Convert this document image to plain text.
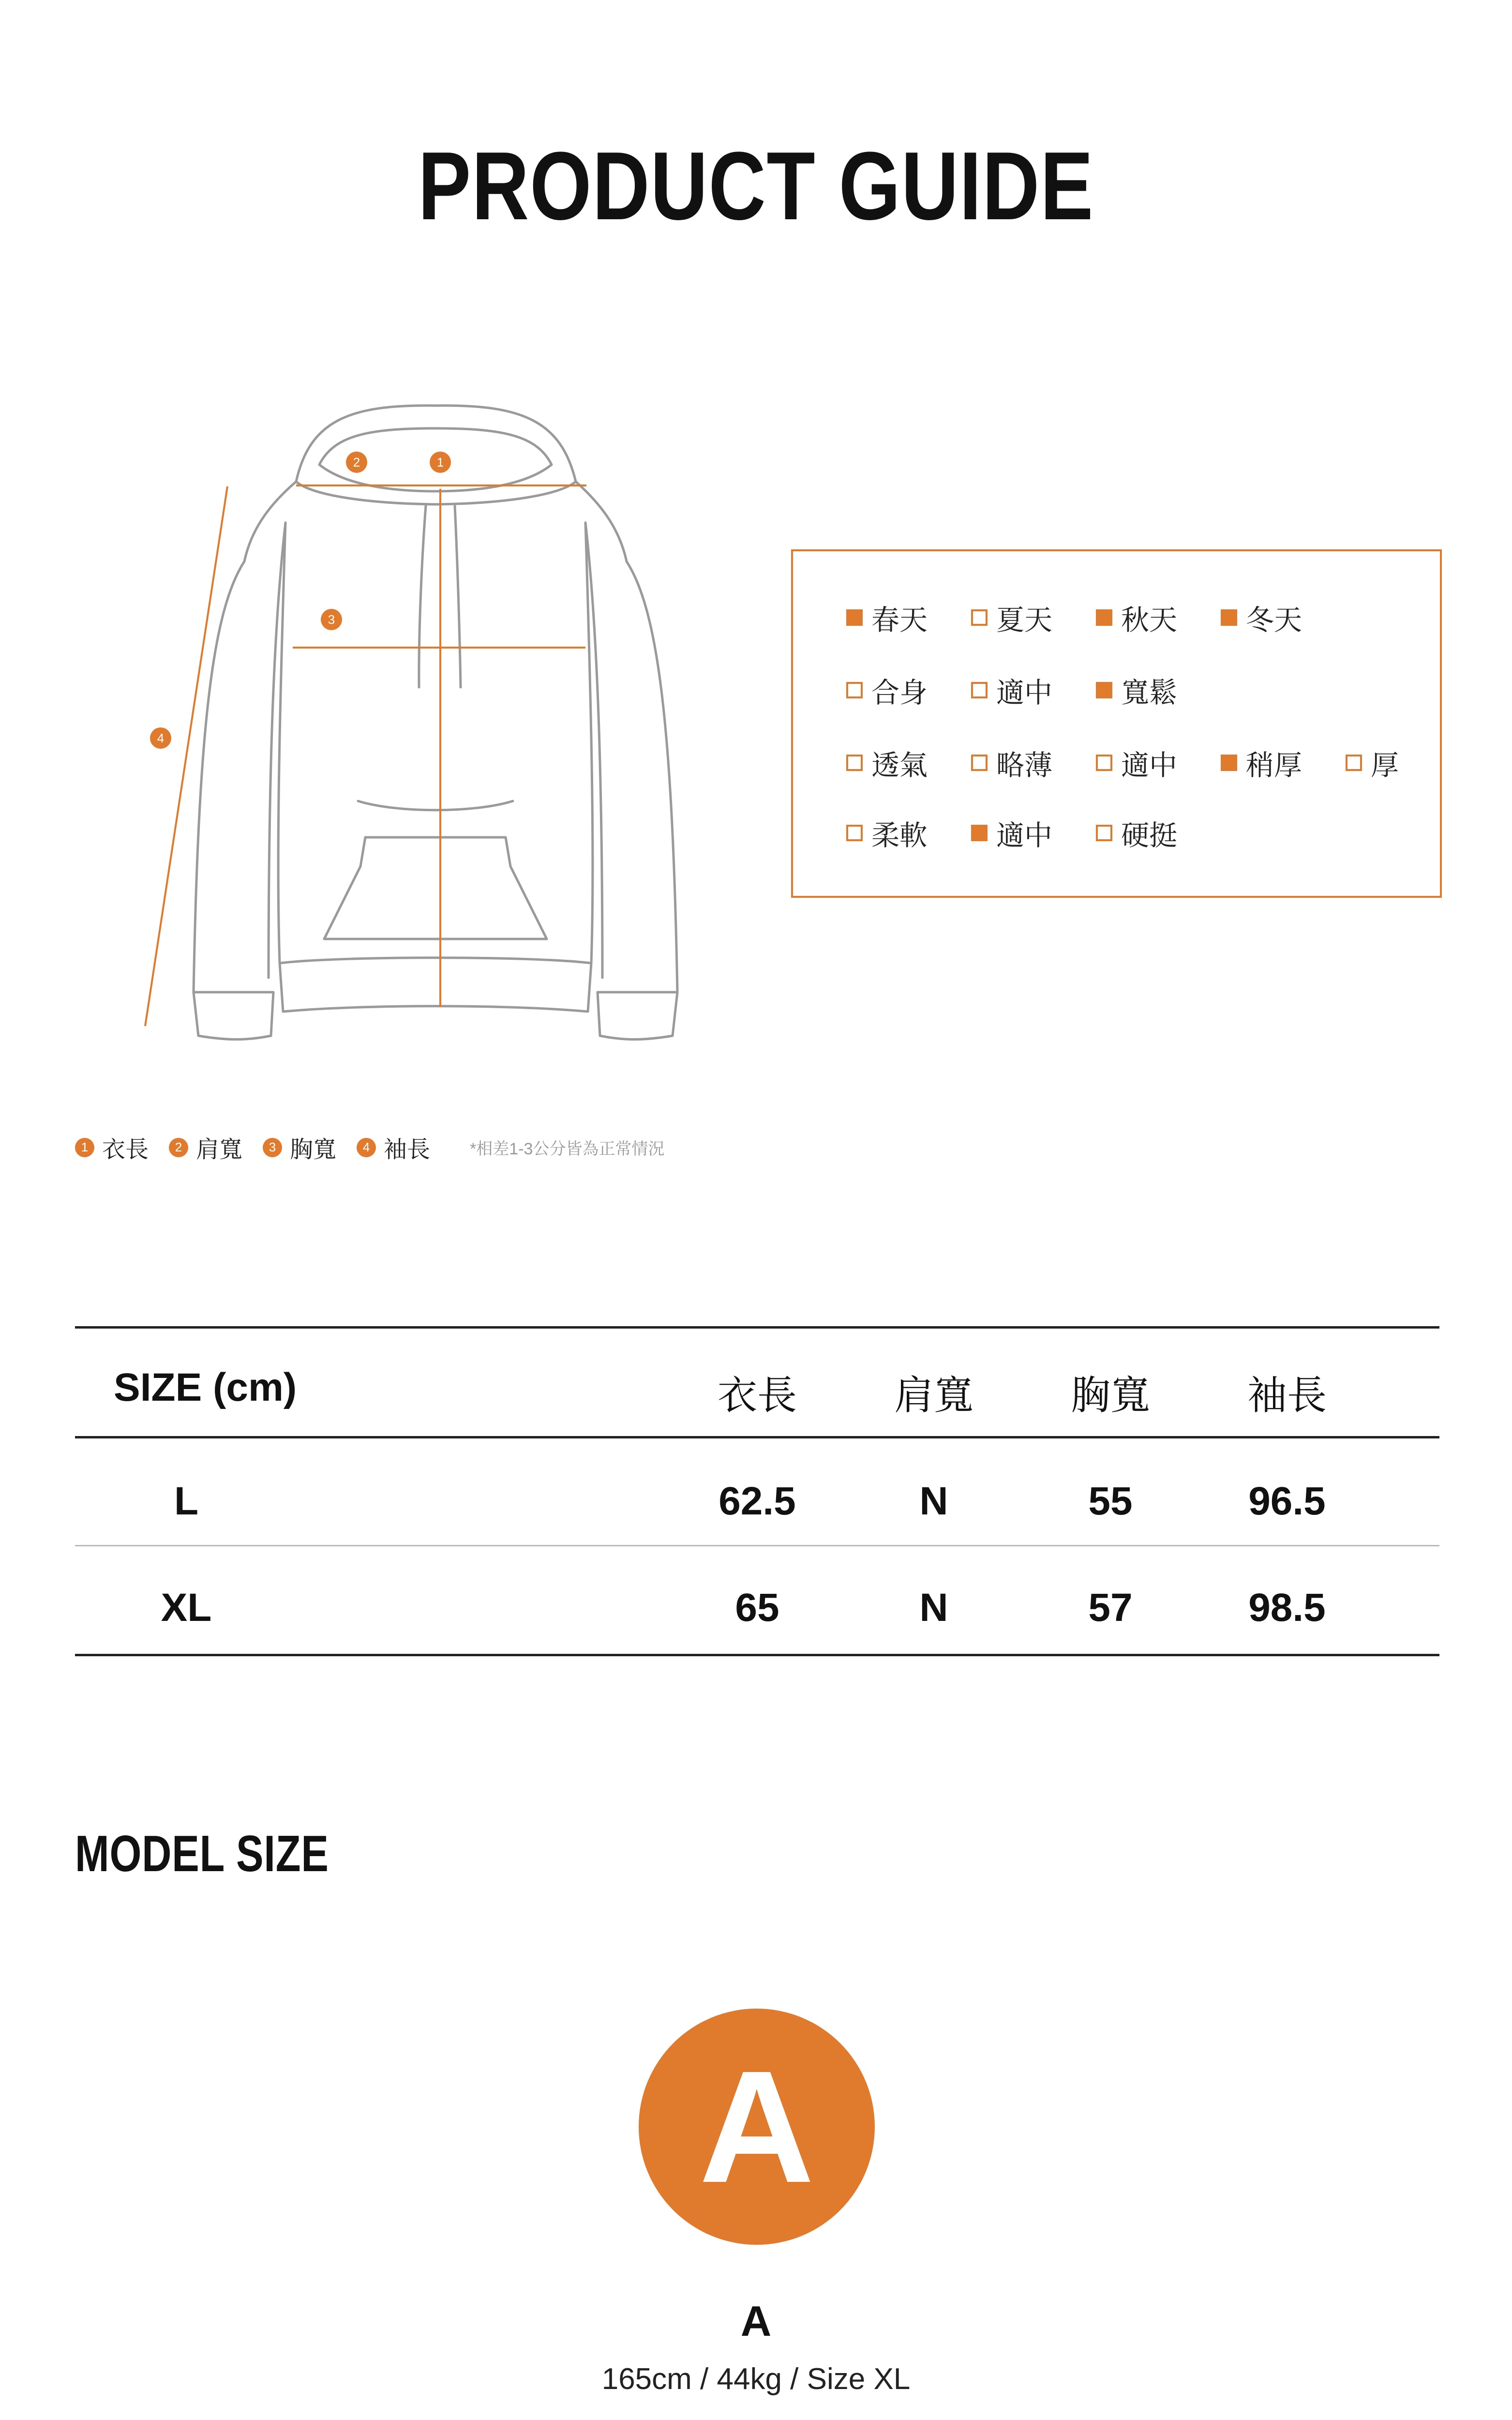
PRODUCT GUIDE
1
2
3
4
春天 夏天 秋天 冬天
合身 適中 寬鬆
透氣 略薄 適中 稍厚 厚
柔軟 適中 硬挺
1 衣長	2 肩寬	3 胸寬	4 袖長 *相差1-3公分皆為正常情況
SIZE (cm)	衣長	肩寬	胸寬	袖長
L	62.5	N	55	96.5
XL	65	N	57	98.5
MODEL SIZE
A
A
165cm / 44kg / Size XL
